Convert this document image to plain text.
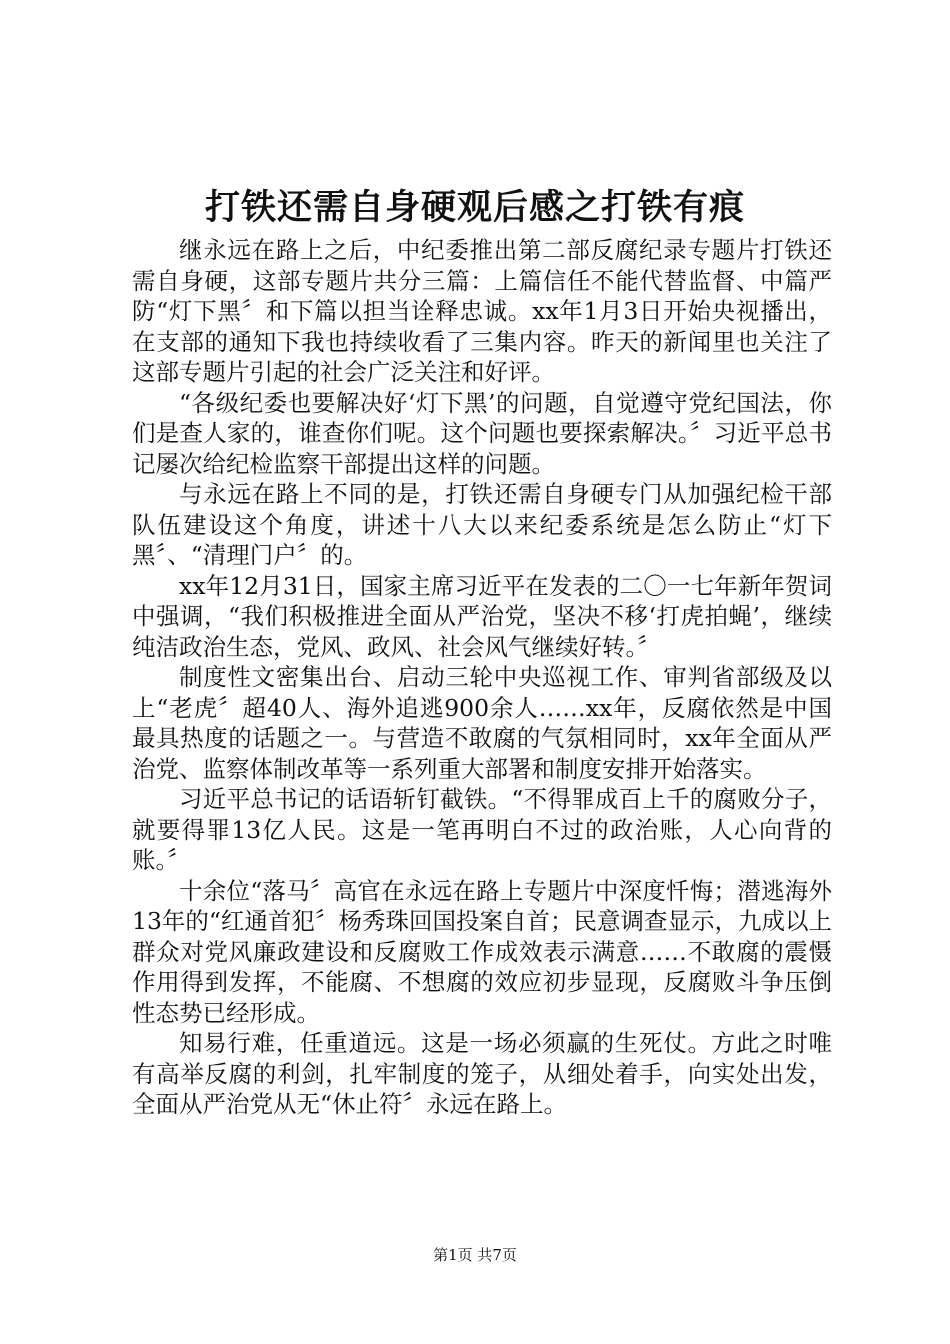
打铁还需自身硬观后感之打铁有痕

继永远在路上之后，中纪委推出第二部反腐纪录专题片打铁还需自身硬，这部专题片共分三篇：上篇信任不能代替监督、中篇严防“灯下黑〞和下篇以担当诠释忠诚。xx年1月3日开始央视播出，在支部的通知下我也持续收看了三集内容。昨天的新闻里也关注了这部专题片引起的社会广泛关注和好评。

“各级纪委也要解决好‘灯下黑’的问题，自觉遵守党纪国法，你们是查人家的，谁查你们呢。这个问题也要探索解决。〞习近平总书记屡次给纪检监察干部提出这样的问题。

与永远在路上不同的是，打铁还需自身硬专门从加强纪检干部队伍建设这个角度，讲述十八大以来纪委系统是怎么防止“灯下黑〞、“清理门户〞的。

xx年12月31日，国家主席习近平在发表的二〇一七年新年贺词中强调，“我们积极推进全面从严治党，坚决不移‘打虎拍蝇’，继续纯洁政治生态，党风、政风、社会风气继续好转。〞

制度性文密集出台、启动三轮中央巡视工作、审判省部级及以上“老虎〞超40人、海外追逃900余人……xx年，反腐依然是中国最具热度的话题之一。与营造不敢腐的气氛相同时，xx年全面从严治党、监察体制改革等一系列重大部署和制度安排开始落实。

习近平总书记的话语斩钉截铁。“不得罪成百上千的腐败分子，就要得罪13亿人民。这是一笔再明白不过的政治账，人心向背的账。〞

十余位“落马〞高官在永远在路上专题片中深度忏悔；潜逃海外13年的“红通首犯〞杨秀珠回国投案自首；民意调查显示，九成以上群众对党风廉政建设和反腐败工作成效表示满意……不敢腐的震慑作用得到发挥，不能腐、不想腐的效应初步显现，反腐败斗争压倒性态势已经形成。

知易行难，任重道远。这是一场必须赢的生死仗。方此之时唯有高举反腐的利剑，扎牢制度的笼子，从细处着手，向实处出发，全面从严治党从无“休止符〞永远在路上。

第1页 共7页
